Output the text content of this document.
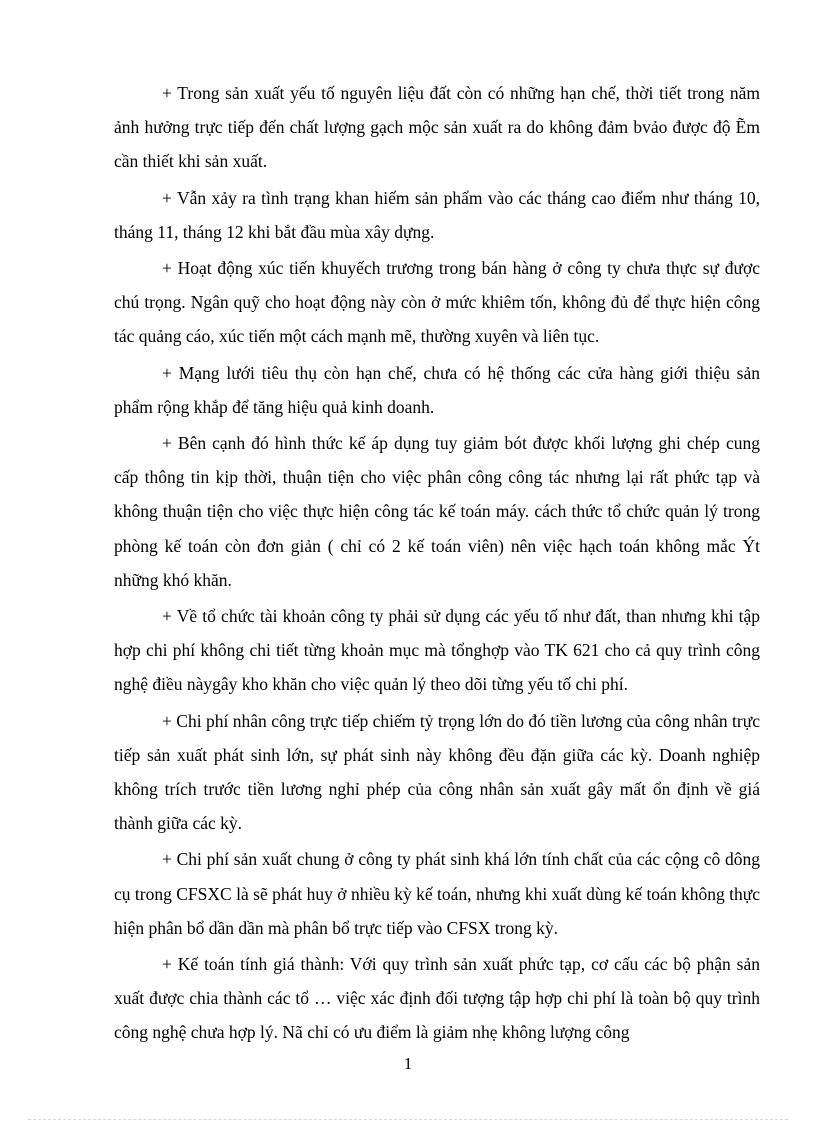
+ Trong sản xuất yếu tố nguyên liệu đất còn có những hạn chế, thời tiết trong năm ảnh hưởng trực tiếp đến chất lượng gạch mộc sản xuất ra do không đảm bvảo được độ Ẽm cần thiết khi sản xuất.

+ Vẫn xảy ra tình trạng khan hiếm sản phẩm vào các tháng cao điểm như tháng 10, tháng 11, tháng 12 khi bắt đầu mùa xây dựng.

+ Hoạt động xúc tiến khuyếch trương trong bán hàng ở công ty chưa thực sự được chú trọng. Ngân quỹ cho hoạt động này còn ở mức khiêm tốn, không đủ để thực hiện công tác quảng cáo, xúc tiến một cách mạnh mẽ, thường xuyên và liên tục.

+ Mạng lưới tiêu thụ còn hạn chế, chưa có hệ thống các cửa hàng giới thiệu sản phẩm rộng khắp để tăng hiệu quả kinh doanh.

+ Bên cạnh đó hình thức kế áp dụng tuy giảm bót được khối lượng ghi chép cung cấp thông tin kịp thời, thuận tiện cho việc phân công công tác nhưng lại rất phức tạp và không thuận tiện cho việc thực hiện công tác kế toán máy. cách thức tổ chức quản lý trong phòng kế toán còn đơn giản ( chỉ có 2 kế toán viên) nên việc hạch toán không mắc Ýt những khó khăn.

+ Về tổ chức tài khoản công ty phải sử dụng các yếu tố như đất, than nhưng khi tập hợp chi phí không chi tiết từng khoản mục mà tổnghợp vào TK 621 cho cả quy trình công nghệ điều nàygây kho khăn cho việc quản lý theo dõi từng yếu tố chi phí.

+ Chi phí nhân công trực tiếp chiếm tỷ trọng lớn do đó tiền lương của công nhân trực tiếp sản xuất phát sinh lớn, sự phát sinh này không đều đặn giữa các kỳ. Doanh nghiệp không trích trước tiền lương nghỉ phép của công nhân sản xuất gây mất ổn định về giá thành giữa các kỳ.

+ Chi phí sản xuất chung ở công ty phát sinh khá lớn tính chất của các cộng cô dông cụ trong CFSXC là sẽ phát huy ở nhiều kỳ kế toán, nhưng khi xuất dùng kế toán không thực hiện phân bổ dần dần mà phân bổ trực tiếp vào CFSX trong kỳ.

+ Kế toán tính giá thành: Với quy trình sản xuất phức tạp, cơ cấu các bộ phận sản xuất được chia thành các tổ … việc xác định đối tượng tập hợp chi phí là toàn bộ quy trình công nghệ chưa hợp lý. Nã chỉ có ưu điểm là giảm nhẹ không lượng công

1
